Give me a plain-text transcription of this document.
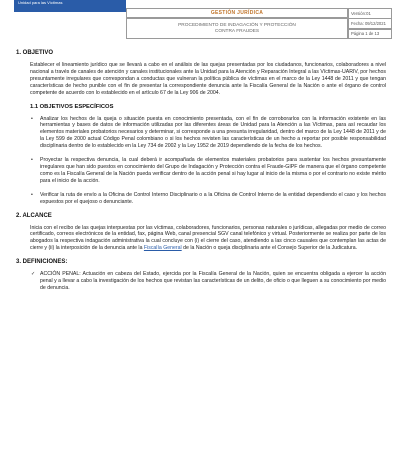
Unidad para las Víctimas
GESTIÓN JURÍDICA
PROCEDIMIENTO DE INDAGACIÓN Y PROTECCIÓN
CONTRA FRAUDES
Versión:01
Fecha: 09/12/2021
Página 1 de 13

1. OBJETIVO

Establecer el lineamiento jurídico que se llevará a cabo en el análisis de las quejas presentadas por los ciudadanos, funcionarios, colaboradores a nivel nacional a través de canales de atención y canales institucionales ante la Unidad para la Atención y Reparación Integral a las Víctimas-UARIV, por hechos presuntamente irregulares que correspondan a conductas que vulneran la política pública de víctimas en el marco de la Ley 1448 de 2011 y que tengan características de hecho punible con el fin de presentar la correspondiente denuncia ante la Fiscalía General de la Nación o ante el órgano de control competente de acuerdo con lo establecido en el artículo 67 de la Ley 906 de 2004.

1.1 OBJETIVOS ESPECÍFICOS

• Analizar los hechos de la queja o situación puesta en conocimiento presentada, con el fin de corroborarlos con la información existente en las herramientas y bases de datos de información utilizadas por las diferentes áreas de Unidad para la Atención a las Víctimas, para así recaudar los elementos materiales probatorios necesarios y determinar, si corresponde a una presunta irregularidad, dentro del marco de la Ley 1448 de 2011 y de la Ley 599 de 2000 actual Código Penal colombiano o si los hechos revisten las características de un hecho a reportar por posible responsabilidad disciplinaria dentro de lo establecido en la Ley 734 de 2002 y la Ley 1952 de 2019 dependiendo de la fecha de los hechos.
• Proyectar la respectiva denuncia, la cual deberá ir acompañada de elementos materiales probatorios para sustentar los hechos presuntamente irregulares que han sido puestos en conocimiento del Grupo de Indagación y Protección contra el Fraude-GIPF de manera que el órgano competente como es la Fiscalía General de la Nación pueda verificar dentro de la acción penal si hay lugar al inicio de la misma o por el contrario no existe mérito para el inicio de la acción.
• Verificar la ruta de envío a la Oficina de Control Interno Disciplinario o a la Oficina de Control Interno de la entidad dependiendo el caso y los hechos expuestos por el quejoso o denunciante.

2. ALCANCE

Inicia con el recibo de las quejas interpuestas por las víctimas, colaboradores, funcionarios, personas naturales o jurídicas, allegadas por medio de correo certificado, correos electrónicos de la entidad, fax, página Web, canal presencial SGV canal telefónico y virtual. Posteriormente se realiza por parte de los abogados la respectiva indagación administrativa la cual concluye con (i) el cierre del caso, atendiendo a las cinco causales que contemplan las actas de cierre y (ii) la interposición de la denuncia ante la Fiscalía General de la Nación o queja disciplinaria ante el Consejo Superior de la Judicatura.

3. DEFINICIONES:

✓ ACCIÓN PENAL: Actuación en cabeza del Estado, ejercida por la Fiscalía General de la Nación, quien se encuentra obligada a ejercer la acción penal y a llevar a cabo la investigación de los hechos que revistan las características de un delito, de oficio o que lleguen a su conocimiento por medio de denuncia.
